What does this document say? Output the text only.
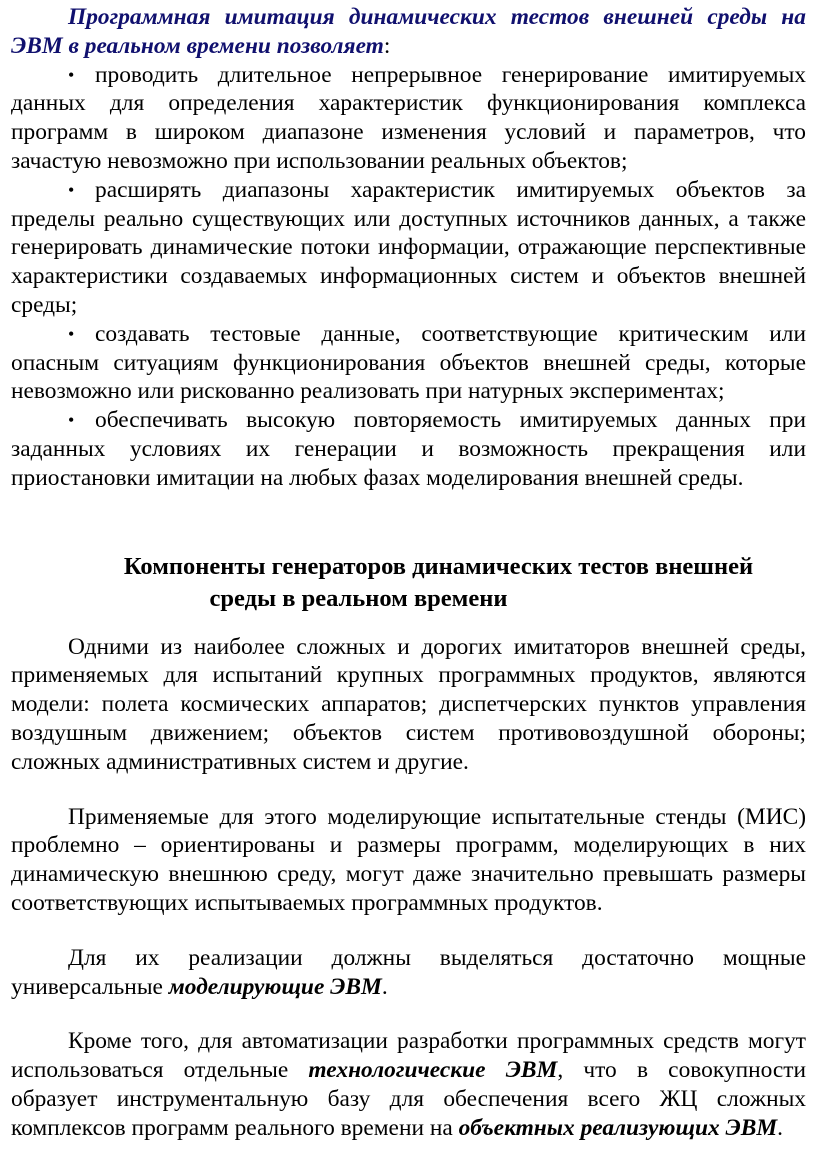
Программная имитация динамических тестов внешней среды на ЭВМ в реальном времени позволяет:

• проводить длительное непрерывное генерирование имитируемых данных для определения характеристик функционирования комплекса программ в широком диапазоне изменения условий и параметров, что зачастую невозможно при использовании реальных объектов;
• расширять диапазоны характеристик имитируемых объектов за пределы реально существующих или доступных источников данных, а также генерировать динамические потоки информации, отражающие перспективные характеристики создаваемых информационных систем и объектов внешней среды;
• создавать тестовые данные, соответствующие критическим или опасным ситуациям функционирования объектов внешней среды, которые невозможно или рискованно реализовать при натурных экспериментах;
• обеспечивать высокую повторяемость имитируемых данных при заданных условиях их генерации и возможность прекращения или приостановки имитации на любых фазах моделирования внешней среды.
Компоненты генераторов динамических тестов внешней
среды в реальном времени

Одними из наиболее сложных и дорогих имитаторов внешней среды, применяемых для испытаний крупных программных продуктов, являются модели: полета космических аппаратов; диспетчерских пунктов управления воздушным движением; объектов систем противовоздушной обороны; сложных административных систем и другие.

Применяемые для этого моделирующие испытательные стенды (МИС) проблемно – ориентированы и размеры программ, моделирующих в них динамическую внешнюю среду, могут даже значительно превышать размеры соответствующих испытываемых программных продуктов.

Для их реализации должны выделяться достаточно мощные универсальные моделирующие ЭВМ.

Кроме того, для автоматизации разработки программных средств могут использоваться отдельные технологические ЭВМ, что в совокупности образует инструментальную базу для обеспечения всего ЖЦ сложных комплексов программ реального времени на объектных реализующих ЭВМ.
